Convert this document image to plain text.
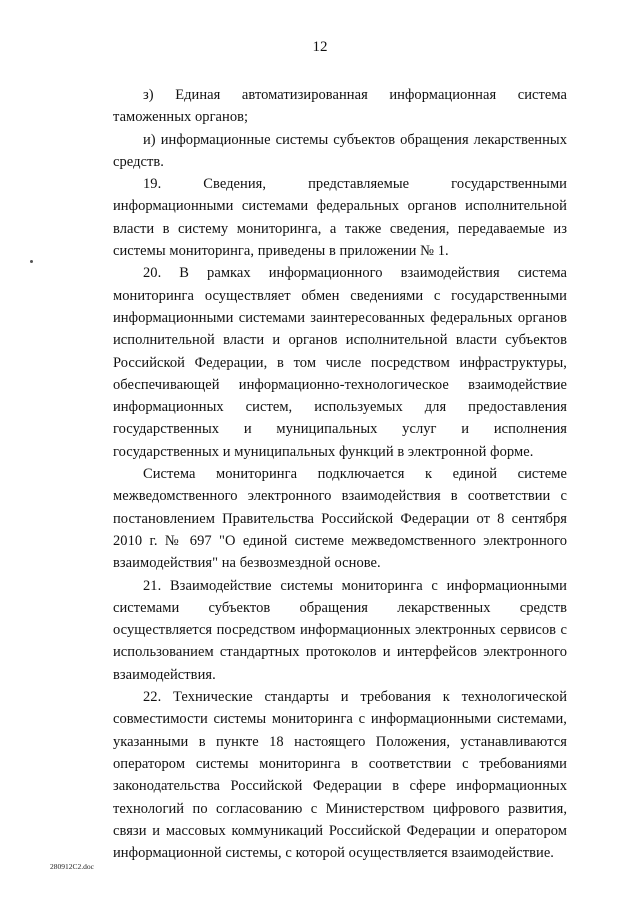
12

з) Единая автоматизированная информационная система таможенных органов;

и) информационные системы субъектов обращения лекарственных средств.

19. Сведения, представляемые государственными информационными системами федеральных органов исполнительной власти в систему мониторинга, а также сведения, передаваемые из системы мониторинга, приведены в приложении № 1.

20. В рамках информационного взаимодействия система мониторинга осуществляет обмен сведениями с государственными информационными системами заинтересованных федеральных органов исполнительной власти и органов исполнительной власти субъектов Российской Федерации, в том числе посредством инфраструктуры, обеспечивающей информационно-технологическое взаимодействие информационных систем, используемых для предоставления государственных и муниципальных услуг и исполнения государственных и муниципальных функций в электронной форме.

Система мониторинга подключается к единой системе межведомственного электронного взаимодействия в соответствии с постановлением Правительства Российской Федерации от 8 сентября 2010 г. № 697 "О единой системе межведомственного электронного взаимодействия" на безвозмездной основе.

21. Взаимодействие системы мониторинга с информационными системами субъектов обращения лекарственных средств осуществляется посредством информационных электронных сервисов с использованием стандартных протоколов и интерфейсов электронного взаимодействия.

22. Технические стандарты и требования к технологической совместимости системы мониторинга с информационными системами, указанными в пункте 18 настоящего Положения, устанавливаются оператором системы мониторинга в соответствии с требованиями законодательства Российской Федерации в сфере информационных технологий по согласованию с Министерством цифрового развития, связи и массовых коммуникаций Российской Федерации и оператором информационной системы, с которой осуществляется взаимодействие.

280912C2.doc
